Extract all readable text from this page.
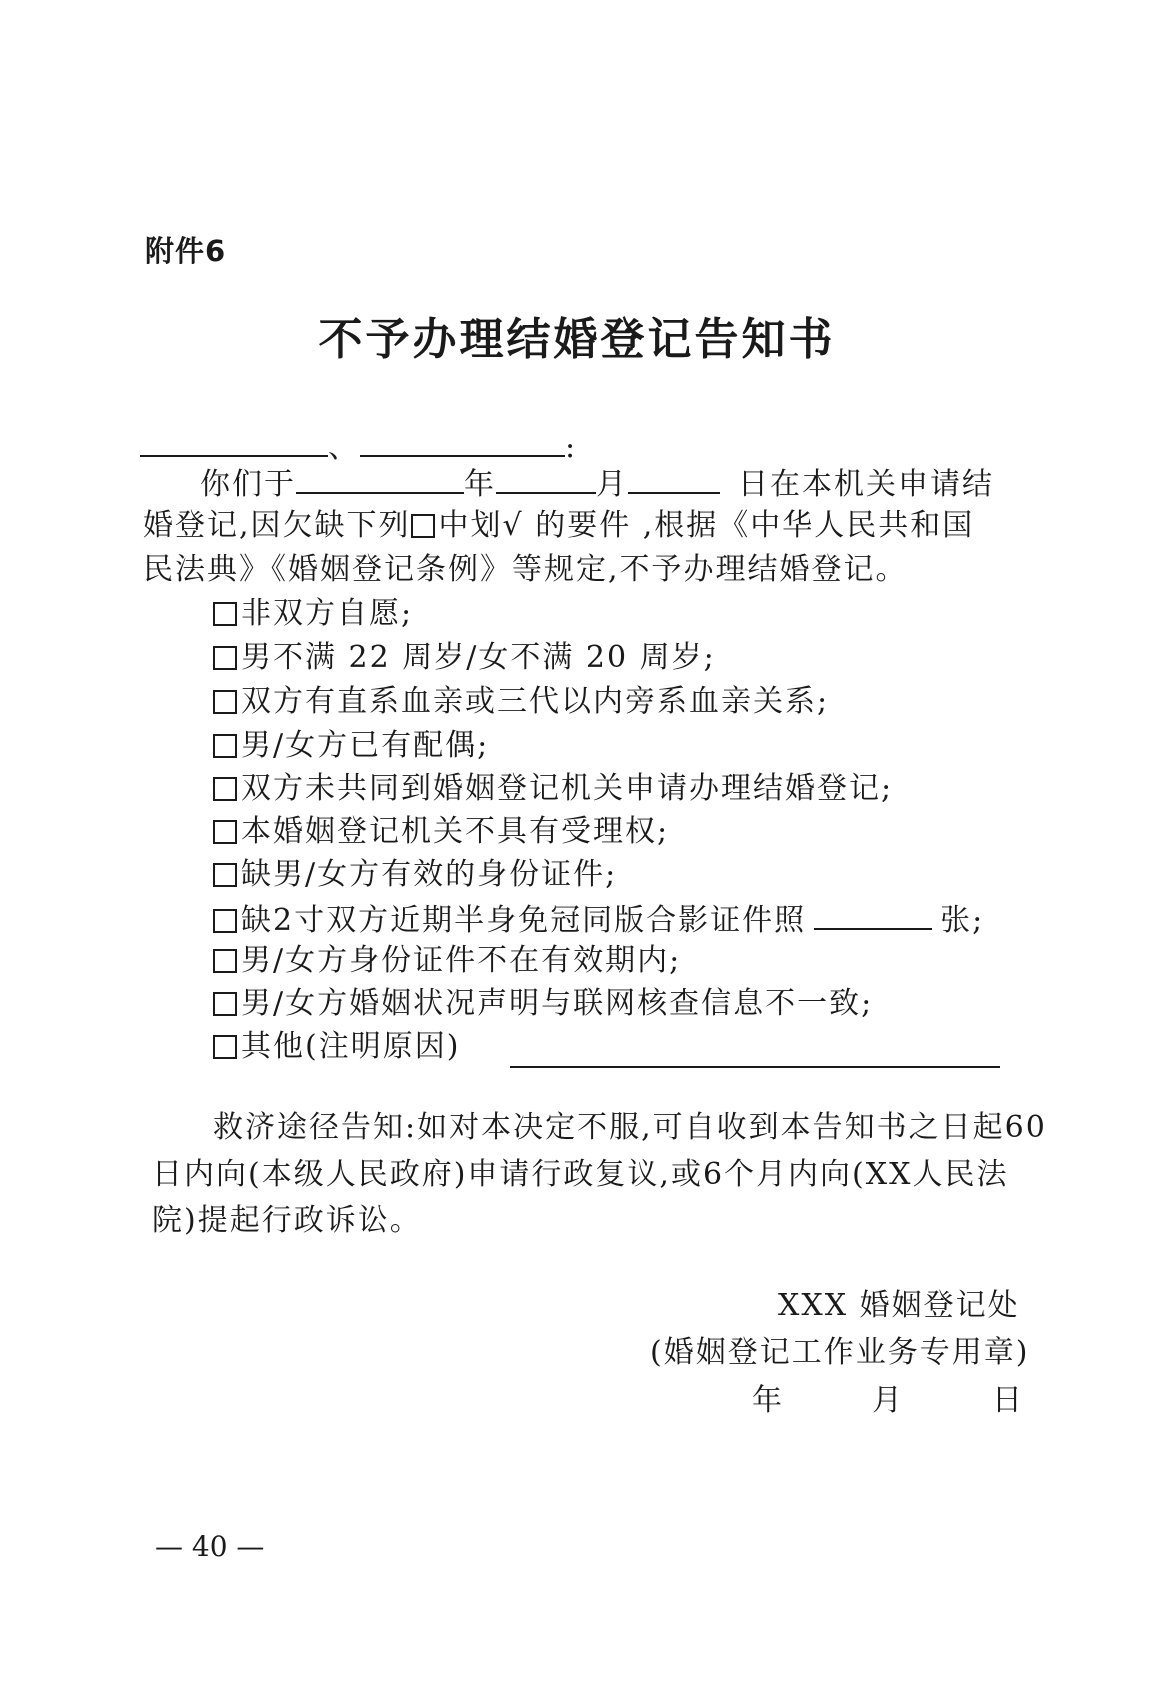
附件6
不予办理结婚登记告知书
、	:
你们于	年	月	日在本机关申请结
婚登记,因欠缺下列 中划√ 的要件 ,根据《中华人民共和国
民法典》《婚姻登记条例》等规定,不予办理结婚登记。
非双方自愿;
男不满 22 周岁/女不满 20 周岁;
双方有直系血亲或三代以内旁系血亲关系;
男/女方已有配偶;
双方未共同到婚姻登记机关申请办理结婚登记;
本婚姻登记机关不具有受理权;
缺男/女方有效的身份证件;
缺2寸双方近期半身免冠同版合影证件照	张;
男/女方身份证件不在有效期内;
男/女方婚姻状况声明与联网核查信息不一致;
其他(注明原因)
救济途径告知:如对本决定不服,可自收到本告知书之日起60
日内向(本级人民政府)申请行政复议,或6个月内向(XX人民法
院)提起行政诉讼。
XXX 婚姻登记处
(婚姻登记工作业务专用章)
年	月	日
— 40 —
